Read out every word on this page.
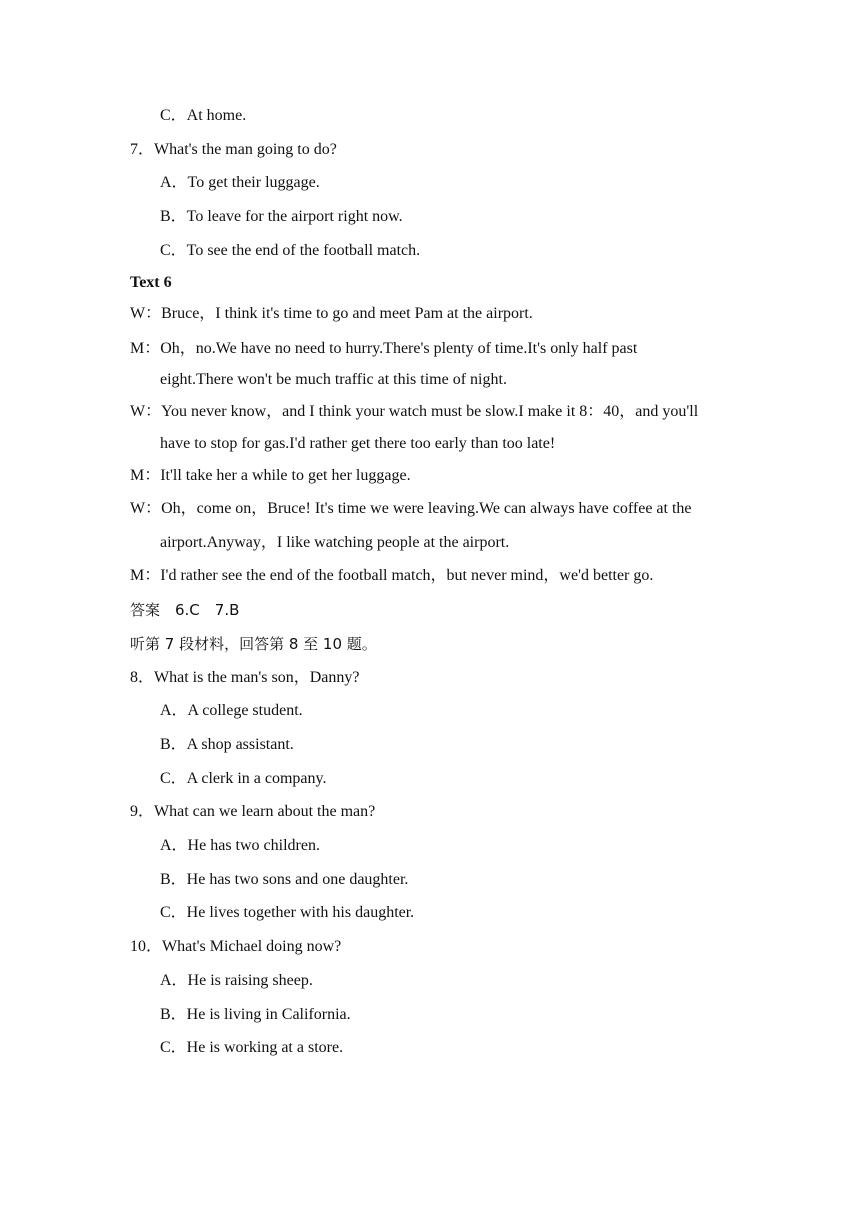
C．At home.
7．What's the man going to do?
A．To get their luggage.
B．To leave for the airport right now.
C．To see the end of the football match.
Text 6
W：Bruce，I think it's time to go and meet Pam at the airport.
M：Oh，no.We have no need to hurry.There's plenty of time.It's only half past
eight.There won't be much traffic at this time of night.
W：You never know，and I think your watch must be slow.I make it 8：40，and you'll
have to stop for gas.I'd rather get there too early than too late!
M：It'll take her a while to get her luggage.
W：Oh，come on，Bruce! It's time we were leaving.We can always have coffee at the
airport.Anyway，I like watching people at the airport.
M：I'd rather see the end of the football match，but never mind，we'd better go.
答案　6.C　7.B
听第 7 段材料，回答第 8 至 10 题。
8．What is the man's son，Danny?
A．A college student.
B．A shop assistant.
C．A clerk in a company.
9．What can we learn about the man?
A．He has two children.
B．He has two sons and one daughter.
C．He lives together with his daughter.
10．What's Michael doing now?
A．He is raising sheep.
B．He is living in California.
C．He is working at a store.
